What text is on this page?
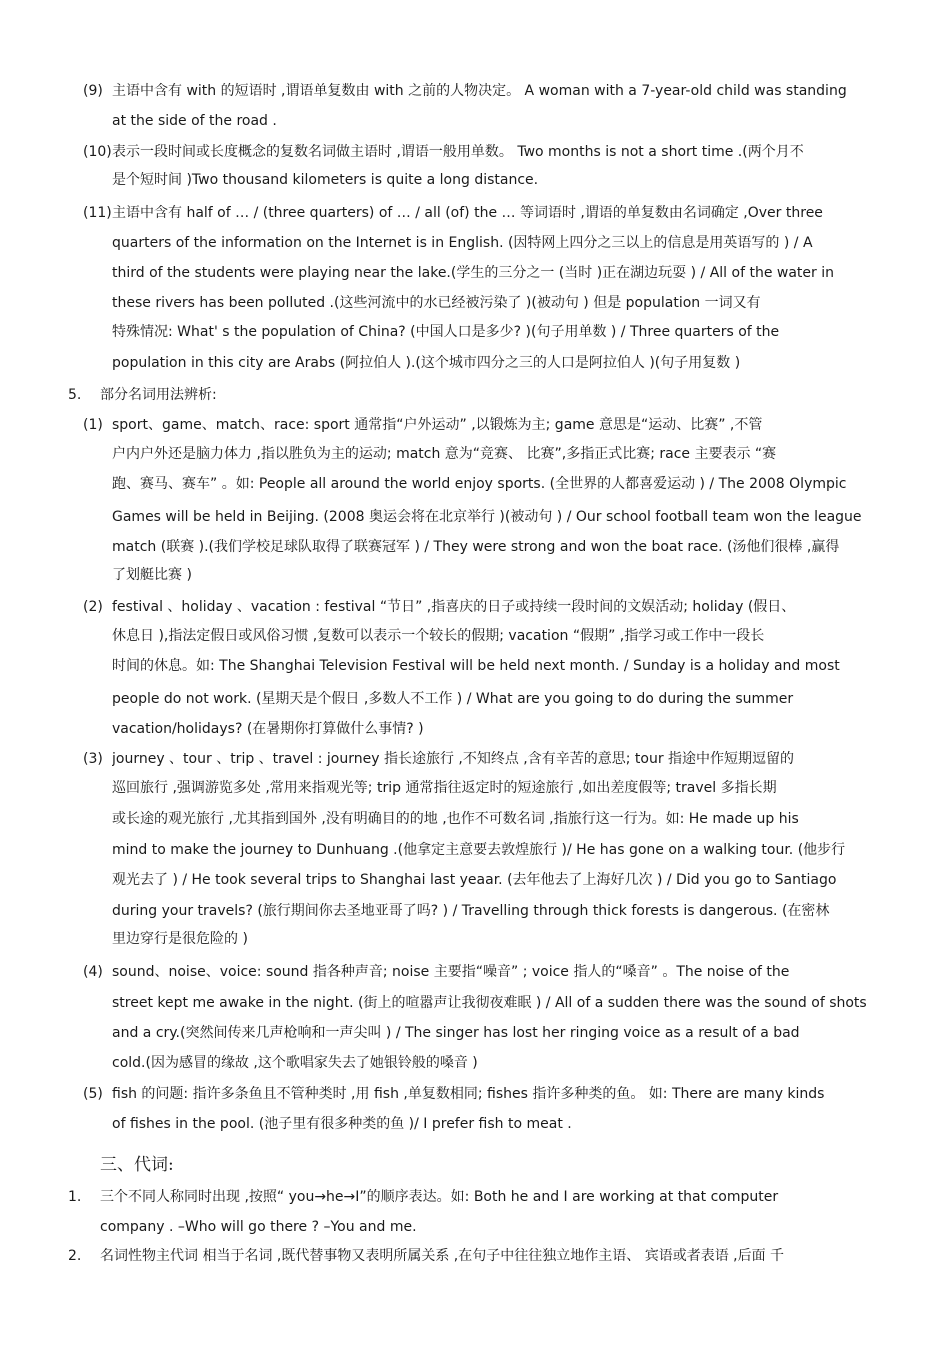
(9) 主语中含有 with 的短语时 ,谓语单复数由 with 之前的人物决定。 A woman with a 7-year-old child was standing
at the side of the road .
(10) 表示一段时间或长度概念的复数名词做主语时 ,谓语一般用单数。 Two months is not a short time .(两个月不
是个短时间 )Two thousand kilometers is quite a long distance.
(11) 主语中含有 half of … / (three quarters) of … / all (of) the … 等词语时 ,谓语的单复数由名词确定 ,Over three
quarters of the information on the Internet is in English. (因特网上四分之三以上的信息是用英语写的 ) / A
third of the students were playing near the lake.(学生的三分之一 (当时 )正在湖边玩耍 ) / All of the water in
these rivers has been polluted .(这些河流中的水已经被污染了 )(被动句 ) 但是 population 一词又有
特殊情况: What' s the population of China? (中国人口是多少? )(句子用单数 ) / Three quarters of the
population in this city are Arabs (阿拉伯人 ).(这个城市四分之三的人口是阿拉伯人 )(句子用复数 )
5. 部分名词用法辨析:
(1) sport、game、match、race: sport 通常指“户外运动” ,以锻炼为主; game 意思是“运动、比赛” ,不管
户内户外还是脑力体力 ,指以胜负为主的运动; match 意为“竞赛、 比赛”,多指正式比赛; race 主要表示 “赛
跑、赛马、赛车” 。如: People all around the world enjoy sports. (全世界的人都喜爱运动 ) / The 2008 Olympic
Games will be held in Beijing. (2008 奥运会将在北京举行 )(被动句 ) / Our school football team won the league
match (联赛 ).(我们学校足球队取得了联赛冠军 ) / They were strong and won the boat race. (汤他们很棒 ,赢得
了划艇比赛 )
(2) festival 、holiday 、vacation : festival “节日” ,指喜庆的日子或持续一段时间的文娱活动; holiday (假日、
休息日 ),指法定假日或风俗习惯 ,复数可以表示一个较长的假期; vacation “假期” ,指学习或工作中一段长
时间的休息。如: The Shanghai Television Festival will be held next month. / Sunday is a holiday and most
people do not work. (星期天是个假日 ,多数人不工作 ) / What are you going to do during the summer
vacation/holidays? (在暑期你打算做什么事情? )
(3) journey 、tour 、trip 、travel : journey 指长途旅行 ,不知终点 ,含有辛苦的意思; tour 指途中作短期逗留的
巡回旅行 ,强调游览多处 ,常用来指观光等; trip 通常指往返定时的短途旅行 ,如出差度假等; travel 多指长期
或长途的观光旅行 ,尤其指到国外 ,没有明确目的的地 ,也作不可数名词 ,指旅行这一行为。如: He made up his
mind to make the journey to Dunhuang .(他拿定主意要去敦煌旅行 )/ He has gone on a walking tour. (他步行
观光去了 ) / He took several trips to Shanghai last yeaar. (去年他去了上海好几次 ) / Did you go to Santiago
during your travels? (旅行期间你去圣地亚哥了吗? ) / Travelling through thick forests is dangerous. (在密林
里边穿行是很危险的 )
(4) sound、noise、voice: sound 指各种声音; noise 主要指“噪音” ; voice 指人的“嗓音” 。The noise of the
street kept me awake in the night. (街上的喧嚣声让我彻夜难眠 ) / All of a sudden there was the sound of shots
and a cry.(突然间传来几声枪响和一声尖叫 ) / The singer has lost her ringing voice as a result of a bad
cold.(因为感冒的缘故 ,这个歌唱家失去了她银铃般的嗓音 )
(5) fish 的问题: 指许多条鱼且不管种类时 ,用 fish ,单复数相同; fishes 指许多种类的鱼。 如: There are many kinds
of fishes in the pool. (池子里有很多种类的鱼 )/ I prefer fish to meat .
三、代词:
1. 三个不同人称同时出现 ,按照“ you→he→I”的顺序表达。如: Both he and I are working at that computer
company . –Who will go there ? –You and me.
2. 名词性物主代词 相当于名词 ,既代替事物又表明所属关系 ,在句子中往往独立地作主语、 宾语或者表语 ,后面 千
